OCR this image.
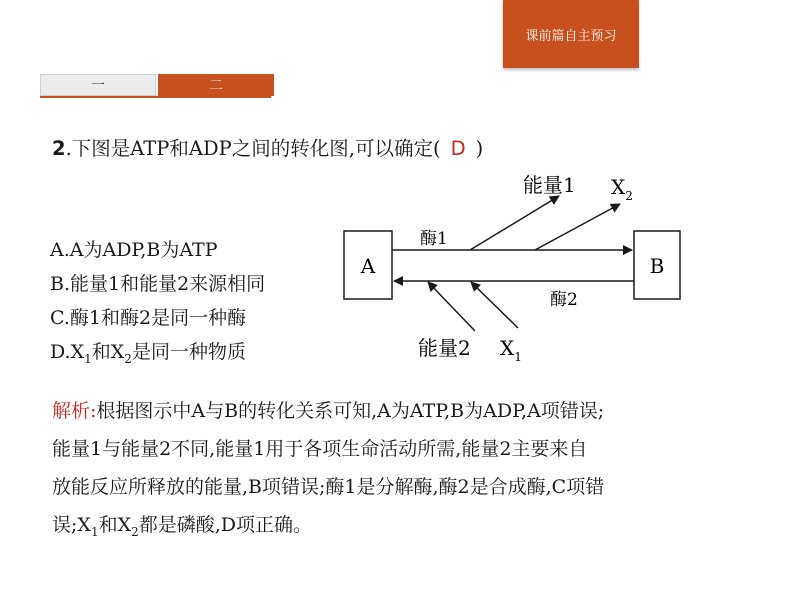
课前篇自主预习
一	二
2.下图是ATP和ADP之间的转化图,可以确定( D )
A.A为ADP,B为ATP
B.能量1和能量2来源相同
C.酶1和酶2是同一种酶
$D.X_1$和$X_2$是同一种物质
A	B
酶1
酶2
能量1 $X_2$
能量2 $X_1$
解析:根据图示中A与B的转化关系可知,A为ATP,B为ADP,A项错误;
能量1与能量2不同,能量1用于各项生命活动所需,能量2主要来自
放能反应所释放的能量,B项错误;酶1是分解酶,酶2是合成酶,C项错
误$;X_1$和$X_2$都是磷酸,D项正确。
